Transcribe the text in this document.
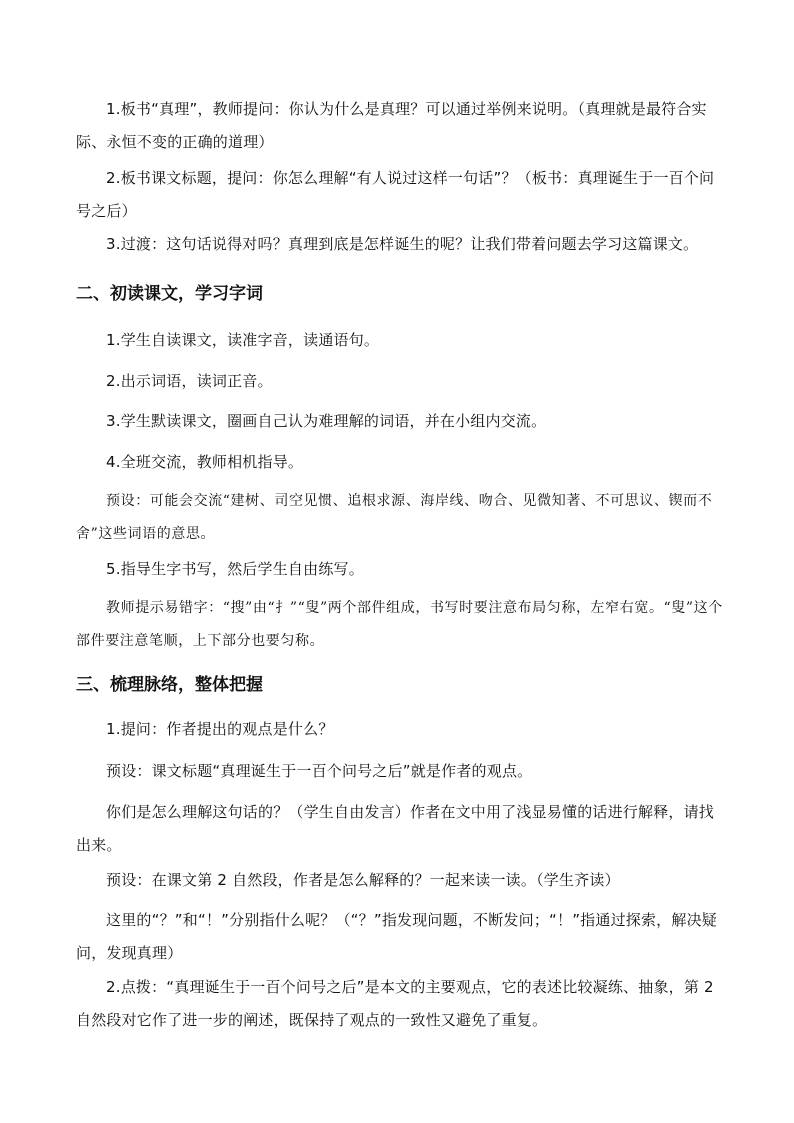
1.板书“真理”，教师提问：你认为什么是真理？可以通过举例来说明。（真理就是最符合实际、永恒不变的正确的道理）

2.板书课文标题，提问：你怎么理解“有人说过这样一句话”？（板书：真理诞生于一百个问号之后）

3.过渡：这句话说得对吗？真理到底是怎样诞生的呢？让我们带着问题去学习这篇课文。

二、初读课文，学习字词

1.学生自读课文，读准字音，读通语句。

2.出示词语，读词正音。

3.学生默读课文，圈画自己认为难理解的词语，并在小组内交流。

4.全班交流，教师相机指导。

预设：可能会交流“建树、司空见惯、追根求源、海岸线、吻合、见微知著、不可思议、锲而不舍”这些词语的意思。

5.指导生字书写，然后学生自由练写。

教师提示易错字：“搜”由“扌”“叟”两个部件组成，书写时要注意布局匀称，左窄右宽。“叟”这个部件要注意笔顺，上下部分也要匀称。

三、梳理脉络，整体把握

1.提问：作者提出的观点是什么？

预设：课文标题“真理诞生于一百个问号之后”就是作者的观点。

你们是怎么理解这句话的？（学生自由发言）作者在文中用了浅显易懂的话进行解释，请找出来。

预设：在课文第 2 自然段，作者是怎么解释的？一起来读一读。（学生齐读）

这里的“？”和“！”分别指什么呢？（“？”指发现问题，不断发问；“！”指通过探索，解决疑问，发现真理）

2.点拨：“真理诞生于一百个问号之后”是本文的主要观点，它的表述比较凝练、抽象，第 2 自然段对它作了进一步的阐述，既保持了观点的一致性又避免了重复。
